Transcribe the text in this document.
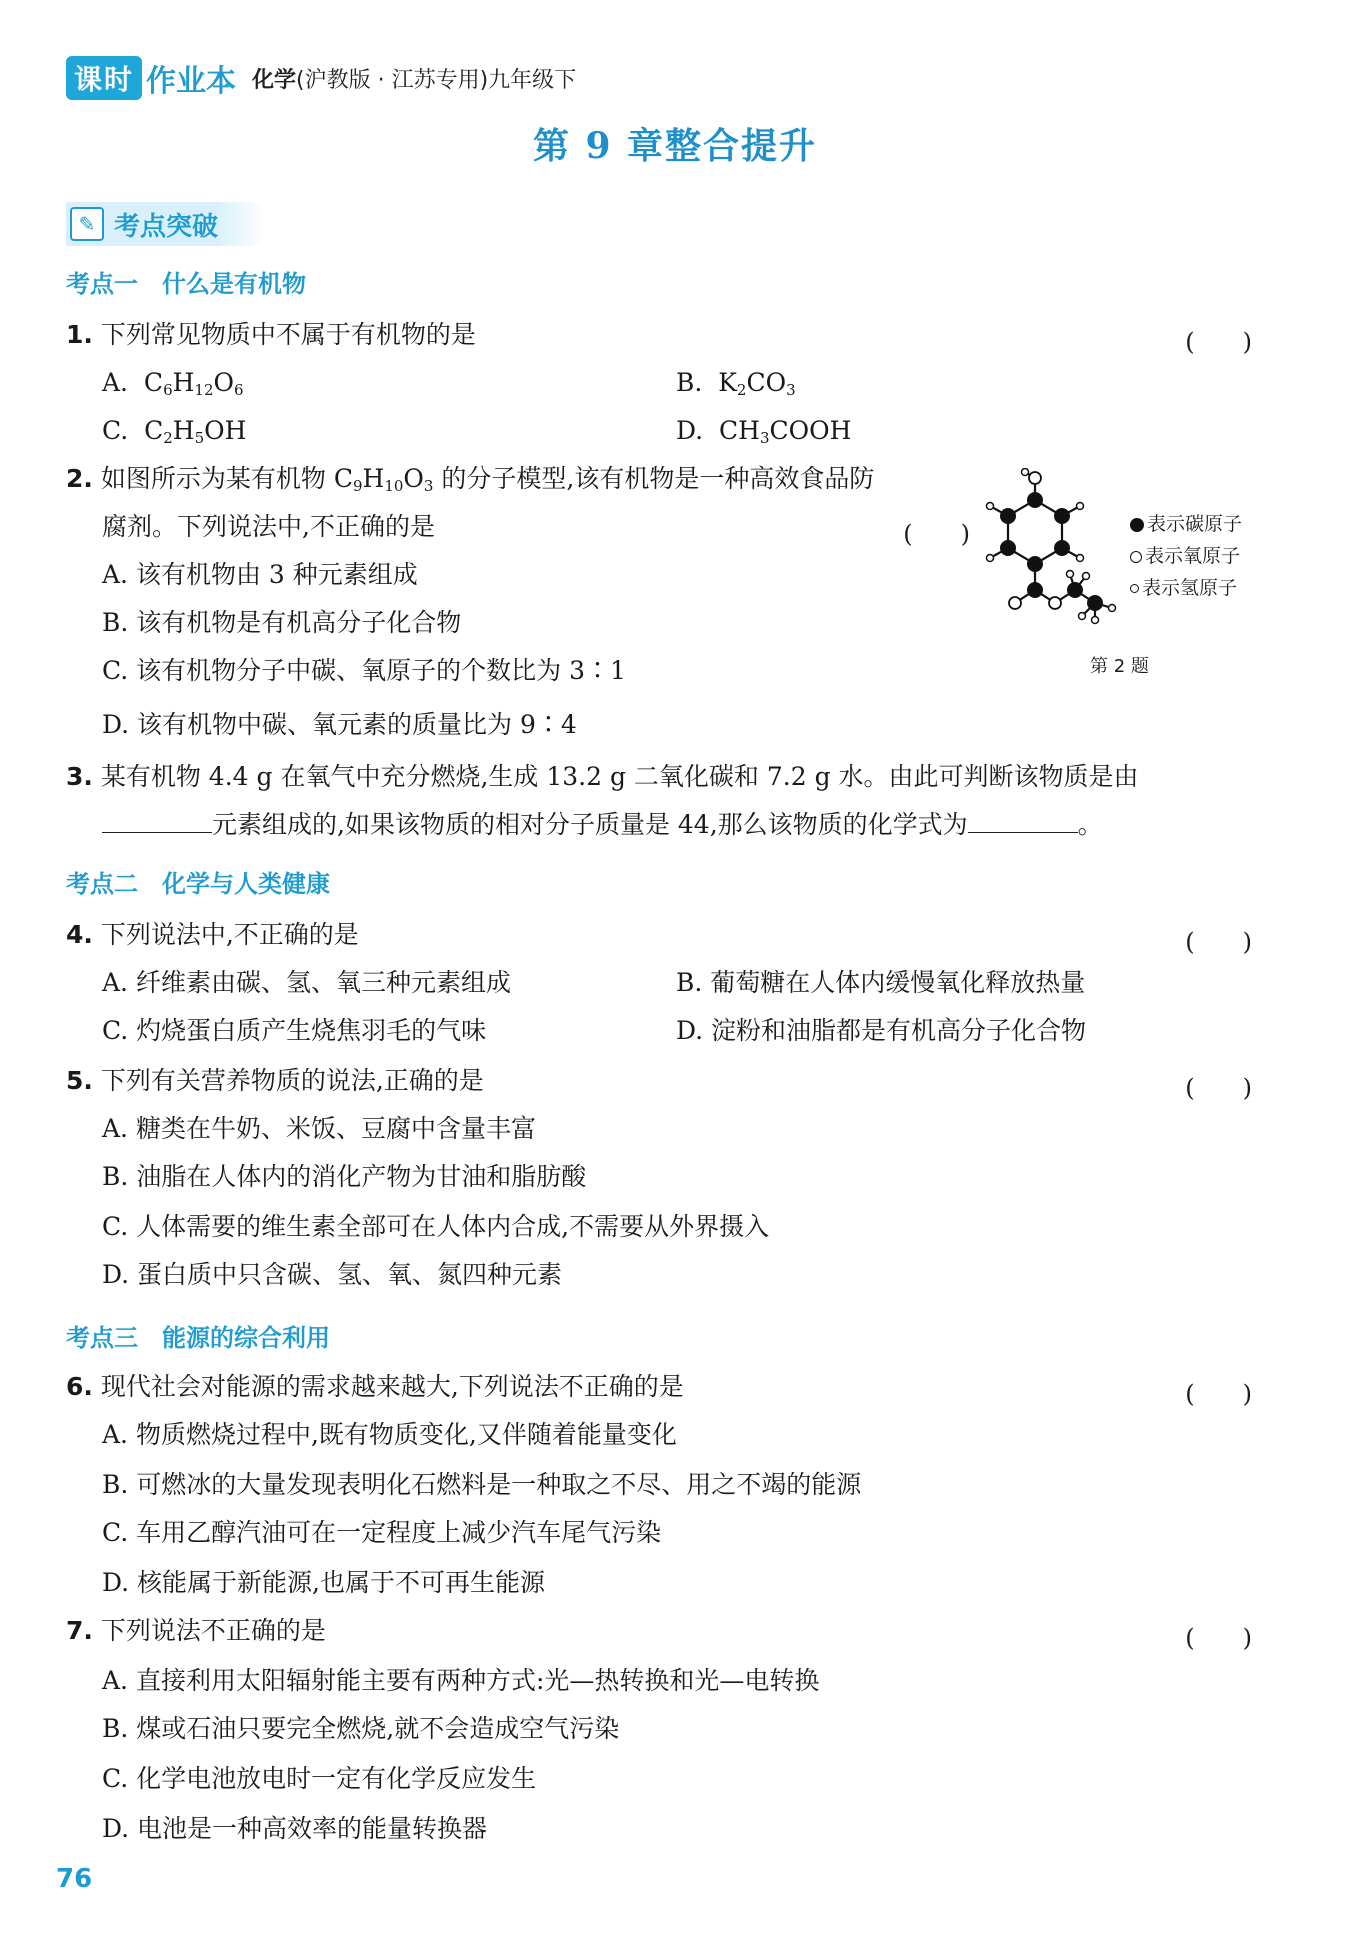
课时 作业本 化学(沪教版 · 江苏专用)九年级下
第 9 章整合提升
✎ 考点突破
考点一　什么是有机物
1. 下列常见物质中不属于有机物的是	(　　)
A. $C_6H_{12}O_6$	B. $K_2CO_3$
C. $C_2H_5OH$	D. $CH_3COOH$
2. 如图所示为某有机物 $C_9H_{10}O_3$ 的分子模型,该有机物是一种高效食品防
腐剂。下列说法中,不正确的是	(　　)
A. 该有机物由 3 种元素组成
B. 该有机物是有机高分子化合物
C. 该有机物分子中碳、氧原子的个数比为 3∶1
D. 该有机物中碳、氧元素的质量比为 9∶4
表示碳原子
表示氧原子
表示氢原子
第 2 题
3. 某有机物 4.4 g 在氧气中充分燃烧,生成 13.2 g 二氧化碳和 7.2 g 水。由此可判断该物质是由
元素组成的,如果该物质的相对分子质量是 44,那么该物质的化学式为	。
考点二　化学与人类健康
4. 下列说法中,不正确的是	(　　)
A. 纤维素由碳、氢、氧三种元素组成	B. 葡萄糖在人体内缓慢氧化释放热量
C. 灼烧蛋白质产生烧焦羽毛的气味	D. 淀粉和油脂都是有机高分子化合物
5. 下列有关营养物质的说法,正确的是	(　　)
A. 糖类在牛奶、米饭、豆腐中含量丰富
B. 油脂在人体内的消化产物为甘油和脂肪酸
C. 人体需要的维生素全部可在人体内合成,不需要从外界摄入
D. 蛋白质中只含碳、氢、氧、氮四种元素
考点三　能源的综合利用
6. 现代社会对能源的需求越来越大,下列说法不正确的是	(　　)
A. 物质燃烧过程中,既有物质变化,又伴随着能量变化
B. 可燃冰的大量发现表明化石燃料是一种取之不尽、用之不竭的能源
C. 车用乙醇汽油可在一定程度上减少汽车尾气污染
D. 核能属于新能源,也属于不可再生能源
7. 下列说法不正确的是	(　　)
A. 直接利用太阳辐射能主要有两种方式:光—热转换和光—电转换
B. 煤或石油只要完全燃烧,就不会造成空气污染
C. 化学电池放电时一定有化学反应发生
D. 电池是一种高效率的能量转换器
76
